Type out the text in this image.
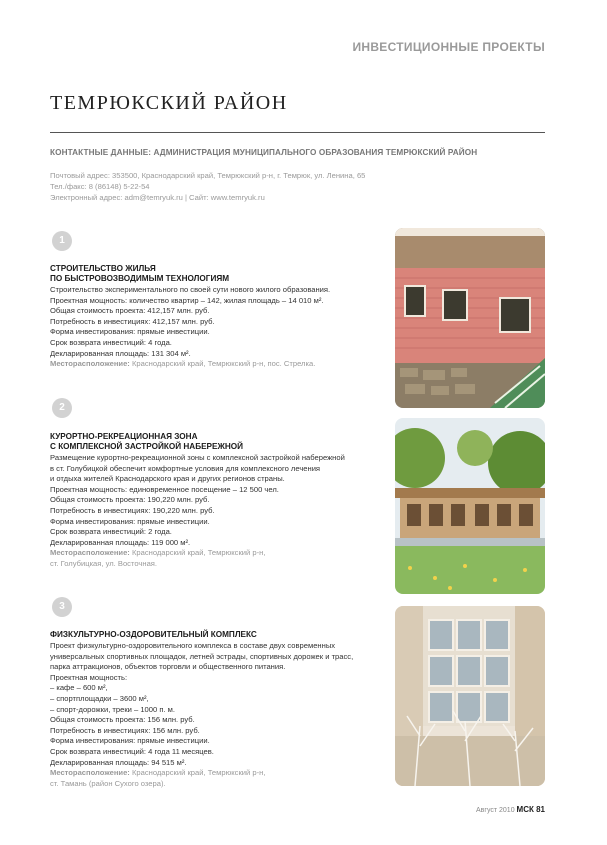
ИНВЕСТИЦИОННЫЕ ПРОЕКТЫ
ТЕМРЮКСКИЙ РАЙОН
КОНТАКТНЫЕ ДАННЫЕ: АДМИНИСТРАЦИЯ МУНИЦИПАЛЬНОГО ОБРАЗОВАНИЯ ТЕМРЮКСКИЙ РАЙОН
Почтовый адрес: 353500, Краснодарский край, Темрюкский р-н, г. Темрюк, ул. Ленина, 65
Тел./факс: 8 (86148) 5-22-54
Электронный адрес: adm@temryuk.ru | Сайт: www.temryuk.ru
1
СТРОИТЕЛЬСТВО ЖИЛЬЯ
ПО БЫСТРОВОЗВОДИМЫМ ТЕХНОЛОГИЯМ
Строительство экспериментального по своей сути нового жилого образования.
Проектная мощность: количество квартир – 142, жилая площадь – 14 010 м².
Общая стоимость проекта: 412,157 млн. руб.
Потребность в инвестициях: 412,157 млн. руб.
Форма инвестирования: прямые инвестиции.
Срок возврата инвестиций: 4 года.
Декларированная площадь: 131 304 м².
Месторасположение: Краснодарский край, Темрюкский р-н, пос. Стрелка.
2
КУРОРТНО-РЕКРЕАЦИОННАЯ ЗОНА
С КОМПЛЕКСНОЙ ЗАСТРОЙКОЙ НАБЕРЕЖНОЙ
Размещение курортно-рекреационной зоны с комплексной застройкой набережной
в ст. Голубицкой обеспечит комфортные условия для комплексного лечения
и отдыха жителей Краснодарского края и других регионов страны.
Проектная мощность: единовременное посещение – 12 500 чел.
Общая стоимость проекта: 190,220 млн. руб.
Потребность в инвестициях: 190,220 млн. руб.
Форма инвестирования: прямые инвестиции.
Срок возврата инвестиций: 2 года.
Декларированная площадь: 119 000 м².
Месторасположение: Краснодарский край, Темрюкский р-н,
ст. Голубицкая, ул. Восточная.
3
ФИЗКУЛЬТУРНО-ОЗДОРОВИТЕЛЬНЫЙ КОМПЛЕКС
Проект физкультурно-оздоровительного комплекса в составе двух современных
универсальных спортивных площадок, летней эстрады, спортивных дорожек и трасс,
парка аттракционов, объектов торговли и общественного питания.
Проектная мощность:
– кафе – 600 м²,
– спортплощадки – 3600 м²,
– спорт-дорожки, треки – 1000 п. м.
Общая стоимость проекта: 156 млн. руб.
Потребность в инвестициях: 156 млн. руб.
Форма инвестирования: прямые инвестиции.
Срок возврата инвестиций: 4 года 11 месяцев.
Декларированная площадь: 94 515 м².
Месторасположение: Краснодарский край, Темрюкский р-н,
ст. Тамань (район Сухого озера).
Август 2010 МСК 81
